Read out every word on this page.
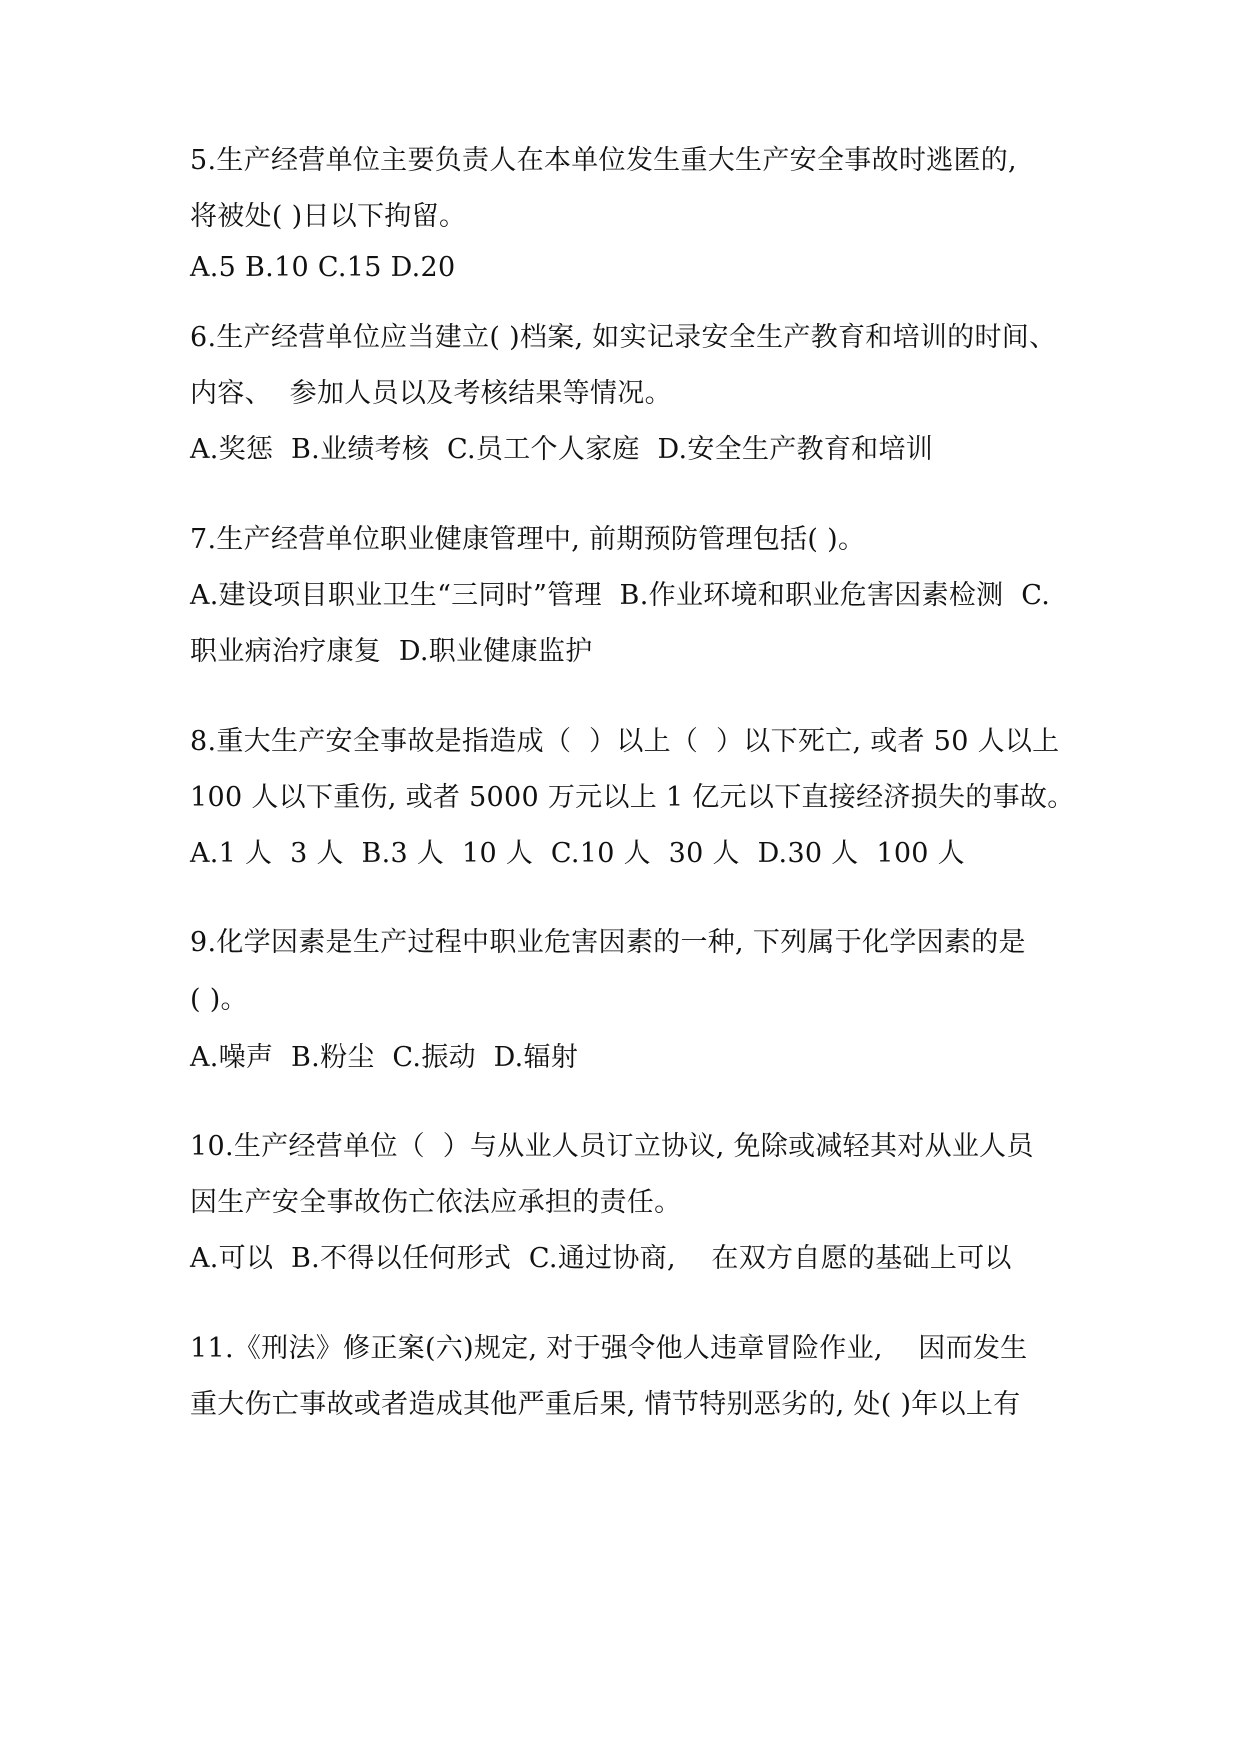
5.生产经营单位主要负责人在本单位发生重大生产安全事故时逃匿的,
将被处( )日以下拘留。
A.5 B.10 C.15 D.20
6.生产经营单位应当建立( )档案, 如实记录安全生产教育和培训的时间、
内容、  参加人员以及考核结果等情况。
A.奖惩  B.业绩考核  C.员工个人家庭  D.安全生产教育和培训
7.生产经营单位职业健康管理中, 前期预防管理包括( )。
A.建设项目职业卫生“三同时”管理  B.作业环境和职业危害因素检测  C.
职业病治疗康复  D.职业健康监护
8.重大生产安全事故是指造成（  ）以上（  ）以下死亡, 或者 50 人以上
100 人以下重伤, 或者 5000 万元以上 1 亿元以下直接经济损失的事故。
A.1 人  3 人  B.3 人  10 人  C.10 人  30 人  D.30 人  100 人
9.化学因素是生产过程中职业危害因素的一种, 下列属于化学因素的是
( )。
A.噪声  B.粉尘  C.振动  D.辐射
10.生产经营单位（  ）与从业人员订立协议, 免除或减轻其对从业人员
因生产安全事故伤亡依法应承担的责任。
A.可以  B.不得以任何形式  C.通过协商,    在双方自愿的基础上可以
11.《刑法》修正案(六)规定, 对于强令他人违章冒险作业,    因而发生
重大伤亡事故或者造成其他严重后果, 情节特别恶劣的, 处( )年以上有
